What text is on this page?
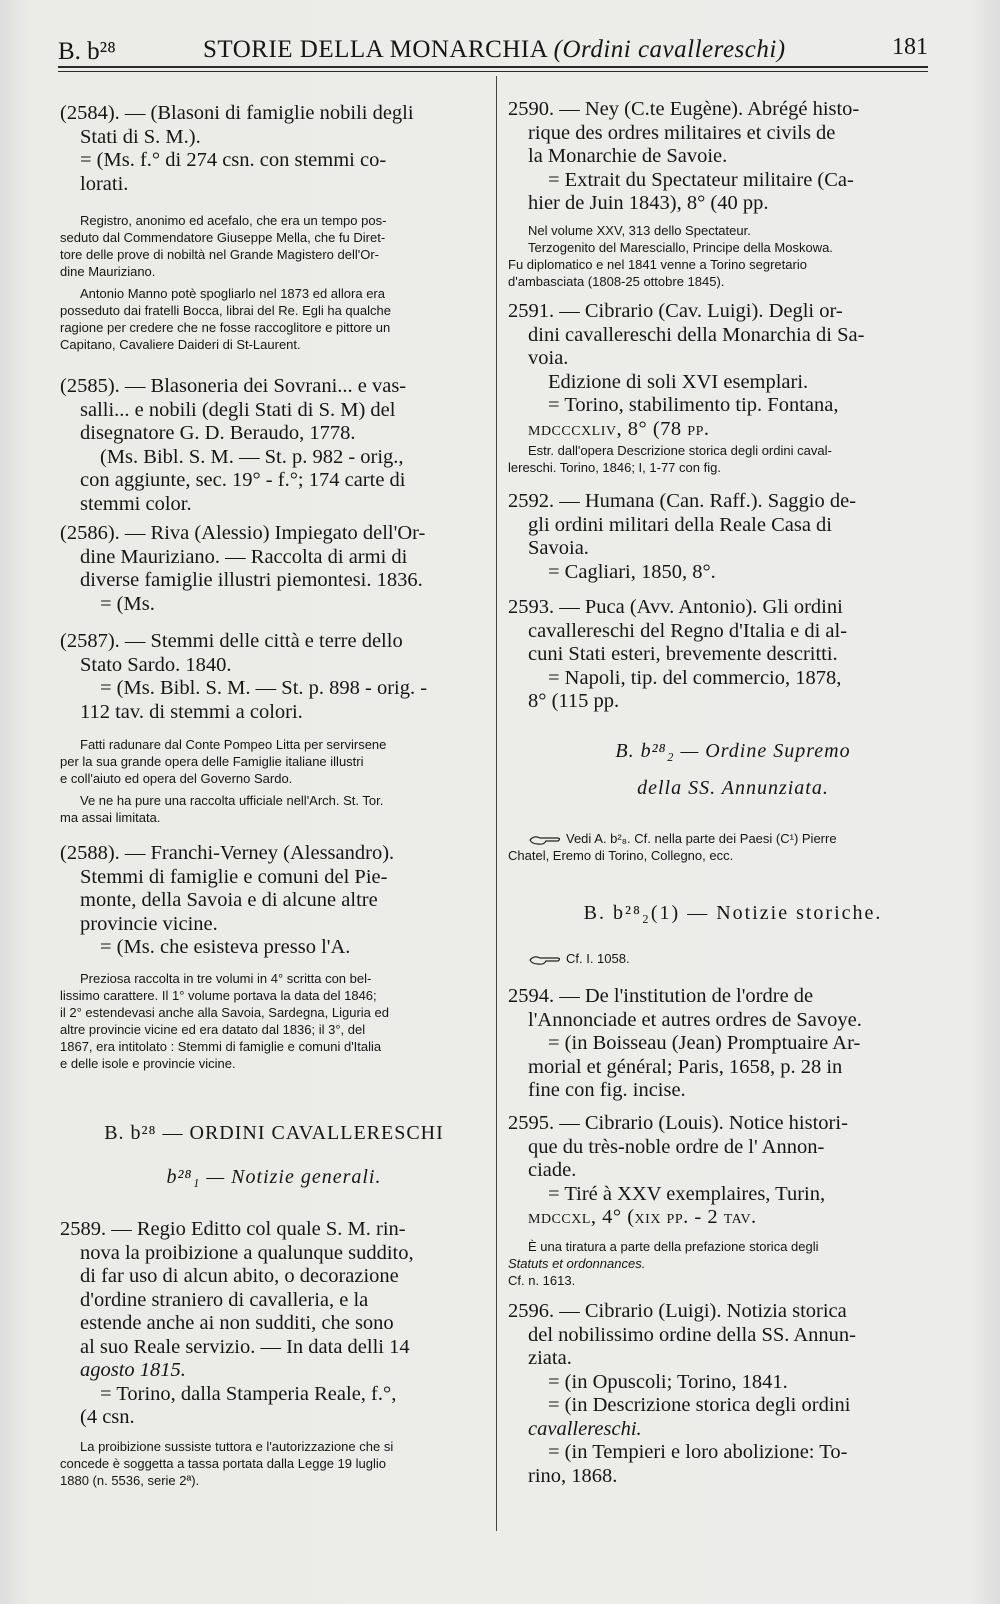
B. b²⁸	STORIE DELLA MONARCHIA (Ordini cavallereschi)	181

(2584). — (Blasoni di famiglie nobili degli

Stati di S. M.).

= (Ms. f.° di 274 csn. con stemmi co-

lorati.

Registro, anonimo ed acefalo, che era un tempo pos-

seduto dal Commendatore Giuseppe Mella, che fu Diret-

tore delle prove di nobiltà nel Grande Magistero dell'Or-

dine Mauriziano.

Antonio Manno potè spogliarlo nel 1873 ed allora era

posseduto dai fratelli Bocca, librai del Re. Egli ha qualche

ragione per credere che ne fosse raccoglitore e pittore un

Capitano, Cavaliere Daideri di St-Laurent.

(2585). — Blasoneria dei Sovrani... e vas-

salli... e nobili (degli Stati di S. M) del

disegnatore G. D. Beraudo, 1778.

(Ms. Bibl. S. M. — St. p. 982 - orig.,

con aggiunte, sec. 19° - f.°; 174 carte di

stemmi color.

(2586). — Riva (Alessio) Impiegato dell'Or-

dine Mauriziano. — Raccolta di armi di

diverse famiglie illustri piemontesi. 1836.

= (Ms.

(2587). — Stemmi delle città e terre dello

Stato Sardo. 1840.

= (Ms. Bibl. S. M. — St. p. 898 - orig. -

112 tav. di stemmi a colori.

Fatti radunare dal Conte Pompeo Litta per servirsene

per la sua grande opera delle Famiglie italiane illustri

e coll'aiuto ed opera del Governo Sardo.

Ve ne ha pure una raccolta ufficiale nell'Arch. St. Tor.

ma assai limitata.

(2588). — Franchi-Verney (Alessandro).

Stemmi di famiglie e comuni del Pie-

monte, della Savoia e di alcune altre

provincie vicine.

= (Ms. che esisteva presso l'A.

Preziosa raccolta in tre volumi in 4° scritta con bel-

lissimo carattere. Il 1° volume portava la data del 1846;

il 2° estendevasi anche alla Savoia, Sardegna, Liguria ed

altre provincie vicine ed era datato dal 1836; il 3°, del

1867, era intitolato : Stemmi di famiglie e comuni d'Italia

e delle isole e provincie vicine.

B. b²⁸ — ORDINI CAVALLERESCHI

b²⁸₁ — Notizie generali.

2589. — Regio Editto col quale S. M. rin-

nova la proibizione a qualunque suddito,

di far uso di alcun abito, o decorazione

d'ordine straniero di cavalleria, e la

estende anche ai non sudditi, che sono

al suo Reale servizio. — In data delli 14

agosto 1815.

= Torino, dalla Stamperia Reale, f.°,

(4 csn.

La proibizione sussiste tuttora e l'autorizzazione che si

concede è soggetta a tassa portata dalla Legge 19 luglio

1880 (n. 5536, serie 2ª).

2590. — Ney (C.te Eugène). Abrégé histo-

rique des ordres militaires et civils de

la Monarchie de Savoie.

= Extrait du Spectateur militaire (Ca-

hier de Juin 1843), 8° (40 pp.

Nel volume XXV, 313 dello Spectateur.

Terzogenito del Maresciallo, Principe della Moskowa.

Fu diplomatico e nel 1841 venne a Torino segretario

d'ambasciata (1808-25 ottobre 1845).

2591. — Cibrario (Cav. Luigi). Degli or-

dini cavallereschi della Monarchia di Sa-

voia.

Edizione di soli XVI esemplari.

= Torino, stabilimento tip. Fontana,

mdcccxliv, 8° (78 pp.

Estr. dall'opera Descrizione storica degli ordini caval-

lereschi. Torino, 1846; I, 1-77 con fig.

2592. — Humana (Can. Raff.). Saggio de-

gli ordini militari della Reale Casa di

Savoia.

= Cagliari, 1850, 8°.

2593. — Puca (Avv. Antonio). Gli ordini

cavallereschi del Regno d'Italia e di al-

cuni Stati esteri, brevemente descritti.

= Napoli, tip. del commercio, 1878,

8° (115 pp.

B. b²⁸₂ — Ordine Supremo

della SS. Annunziata.

Vedi A. b²₈. Cf. nella parte dei Paesi (C¹) Pierre

Chatel, Eremo di Torino, Collegno, ecc.

B. b²⁸₂(1) — Notizie storiche.

Cf. I. 1058.

2594. — De l'institution de l'ordre de

l'Annonciade et autres ordres de Savoye.

= (in Boisseau (Jean) Promptuaire Ar-

morial et général; Paris, 1658, p. 28 in

fine con fig. incise.

2595. — Cibrario (Louis). Notice histori-

que du très-noble ordre de l' Annon-

ciade.

= Tiré à XXV exemplaires, Turin,

mdccxl, 4° (xix pp. - 2 tav.

È una tiratura a parte della prefazione storica degli

Statuts et ordonnances.

Cf. n. 1613.

2596. — Cibrario (Luigi). Notizia storica

del nobilissimo ordine della SS. Annun-

ziata.

= (in Opuscoli; Torino, 1841.

= (in Descrizione storica degli ordini

cavallereschi.

= (in Tempieri e loro abolizione: To-

rino, 1868.
